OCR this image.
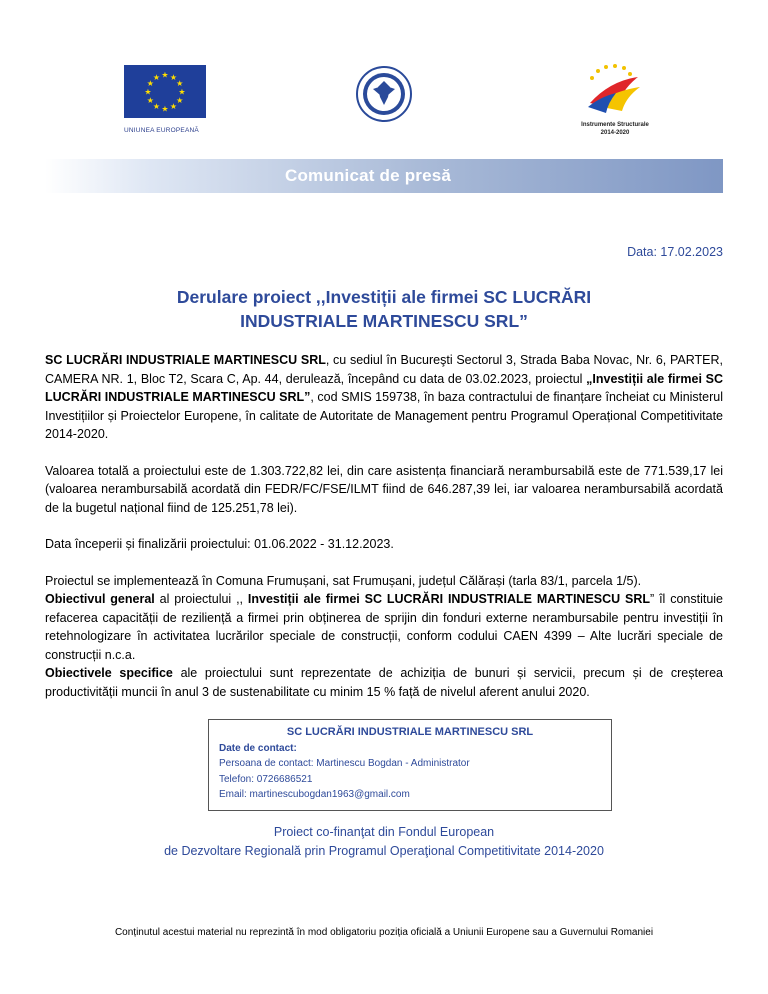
★ ★
★
★
★
★
★
★
★
★
★
★
UNIUNEA EUROPEANĂ
Instrumente Structurale
2014-2020
Comunicat de presă
Data: 17.02.2023
Derulare proiect ,,Investiții ale firmei SC LUCRĂRI
INDUSTRIALE MARTINESCU SRL”

SC LUCRĂRI INDUSTRIALE MARTINESCU SRL, cu sediul în Bucureşti Sectorul 3, Strada Baba Novac, Nr. 6, PARTER, CAMERA NR. 1, Bloc T2, Scara C, Ap. 44, derulează, începând cu data de 03.02.2023, proiectul „Investiții ale firmei SC LUCRĂRI INDUSTRIALE MARTINESCU SRL”, cod SMIS 159738, în baza contractului de finanțare încheiat cu Ministerul Investițiilor și Proiectelor Europene, în calitate de Autoritate de Management pentru Programul Operațional Competitivitate 2014-2020.

Valoarea totală a proiectului este de 1.303.722,82 lei, din care asistența financiară nerambursabilă este de 771.539,17 lei (valoarea nerambursabilă acordată din FEDR/FC/FSE/ILMT fiind de 646.287,39 lei, iar valoarea nerambursabilă acordată de la bugetul național fiind de 125.251,78 lei).

Data începerii și finalizării proiectului: 01.06.2022 - 31.12.2023.

Proiectul se implementează în Comuna Frumușani, sat Frumușani, județul Călărași (tarla 83/1, parcela 1/5).

Obiectivul general al proiectului ,, Investiții ale firmei SC LUCRĂRI INDUSTRIALE MARTINESCU SRL” îl constituie refacerea capacității de reziliență a firmei prin obținerea de sprijin din fonduri externe nerambursabile pentru investiții în retehnologizare în activitatea lucrărilor speciale de construcții, conform codului CAEN 4399 – Alte lucrări speciale de construcții n.c.a.

Obiectivele specifice ale proiectului sunt reprezentate de achiziția de bunuri și servicii, precum și de creșterea productivității muncii în anul 3 de sustenabilitate cu minim 15 % față de nivelul aferent anului 2020.

SC LUCRĂRI INDUSTRIALE MARTINESCU SRL
Date de contact:
Persoana de contact: Martinescu Bogdan - Administrator
Telefon: 0726686521
Email: martinescubogdan1963@gmail.com
Proiect co-finanţat din Fondul European
de Dezvoltare Regională prin Programul Operaţional Competitivitate 2014-2020
Conținutul acestui material nu reprezintă în mod obligatoriu poziția oficială a Uniunii Europene sau a Guvernului Romaniei
